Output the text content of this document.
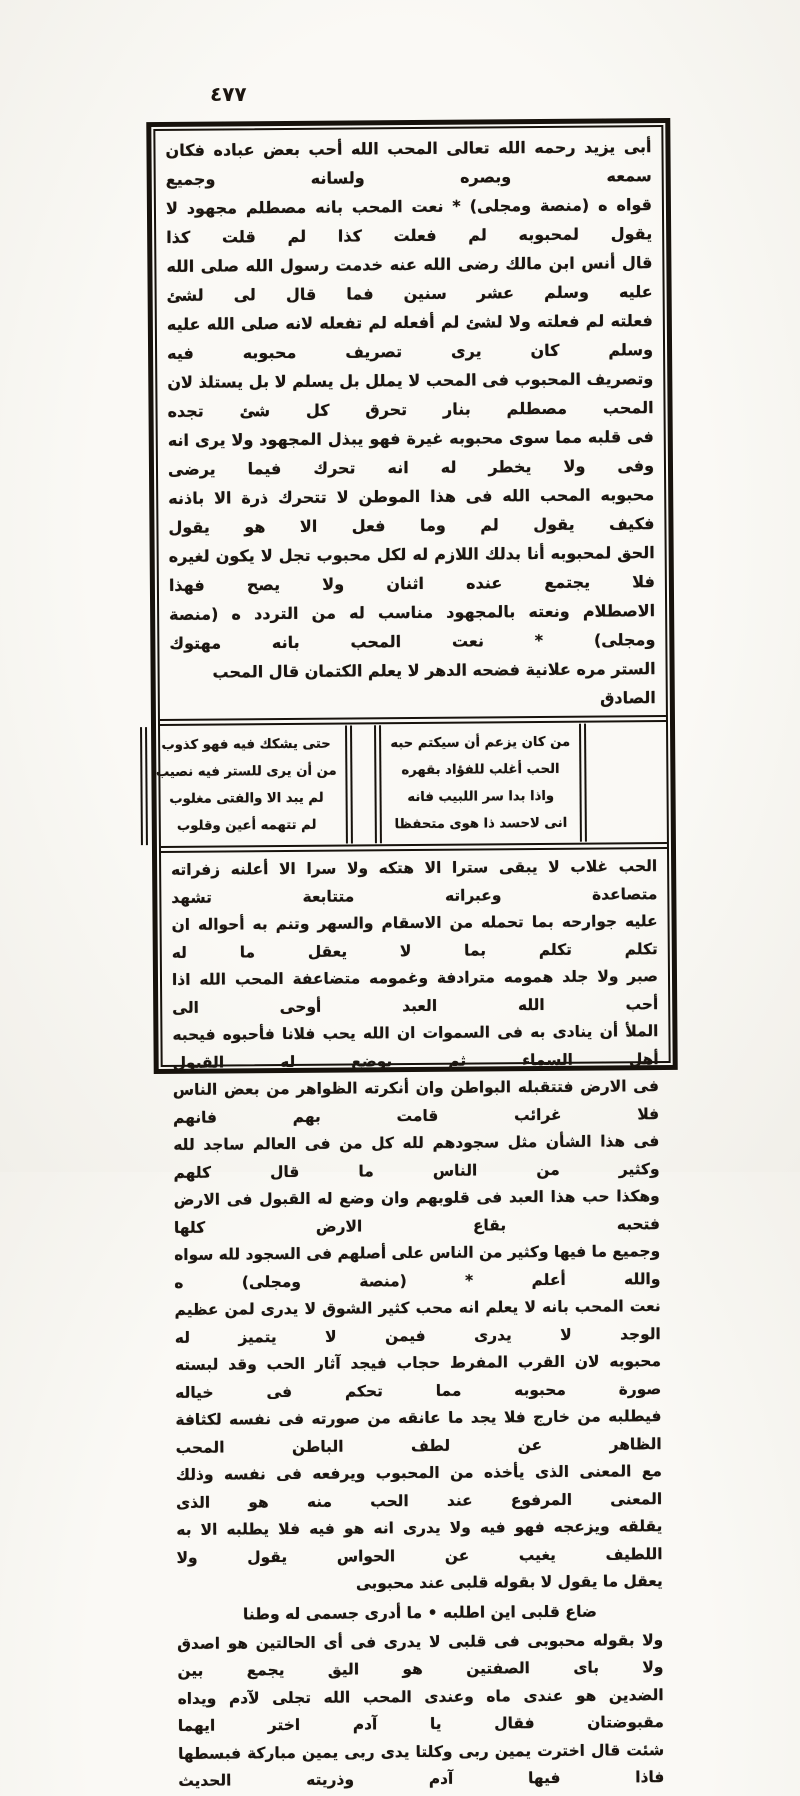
٤٧٧
أبى يزيد رحمه الله تعالى المحب الله أحب بعض عباده فكان سمعه وبصره ولسانه وجميع
قواه ه (منصة ومجلى) * نعت المحب بانه مصطلم مجهود لا يقول لمحبوبه لم فعلت كذا لم قلت كذا
قال أنس ابن مالك رضى الله عنه خدمت رسول الله صلى الله عليه وسلم عشر سنين فما قال لى لشئ
فعلته لم فعلته ولا لشئ لم أفعله لم تفعله لانه صلى الله عليه وسلم كان يرى تصريف محبوبه فيه
وتصريف المحبوب فى المحب لا يملل بل يسلم لا بل يستلذ لان المحب مصطلم بنار تحرق كل شئ تجده
فى قلبه مما سوى محبوبه غيرة فهو يبذل المجهود ولا يرى انه وفى ولا يخطر له انه تحرك فيما يرضى
محبوبه المحب الله فى هذا الموطن لا تتحرك ذرة الا باذنه فكيف يقول لم وما فعل الا هو يقول
الحق لمحبوبه أنا بدلك اللازم له لكل محبوب تجل لا يكون لغيره فلا يجتمع عنده اثنان ولا يصح فهذا
الاصطلام ونعته بالمجهود مناسب له من التردد ه (منصة ومجلى) * نعت المحب بانه مهتوك
الستر مره علانية فضحه الدهر لا يعلم الكتمان قال المحب الصادق
من كان يزعم أن سيكتم حبه
الحب أغلب للفؤاد بقهره
واذا بدا سر اللبيب فانه
انى لاحسد ذا هوى متحفظا
حتى يشكك فيه فهو كذوب
من أن يرى للستر فيه نصيب
لم يبد الا والفتى مغلوب
لم تتهمه أعين وقلوب
الحب غلاب لا يبقى سترا الا هتكه ولا سرا الا أعلنه زفراته متصاعدة وعبراته متتابعة تشهد
عليه جوارحه بما تحمله من الاسقام والسهر وتنم به أحواله ان تكلم تكلم بما لا يعقل ما له
صبر ولا جلد همومه مترادفة وغمومه متضاعفة المحب الله اذا أحب الله العبد أوحى الى
الملأ أن ينادى به فى السموات ان الله يحب فلانا فأحبوه فيحبه أهل السماء ثم يوضع له القبول
فى الارض فتتقبله البواطن وان أنكرته الظواهر من بعض الناس فلا غرائب قامت بهم فانهم
فى هذا الشأن مثل سجودهم لله كل من فى العالم ساجد لله وكثير من الناس ما قال كلهم
وهكذا حب هذا العبد فى قلوبهم وان وضع له القبول فى الارض فتحبه بقاع الارض كلها
وجميع ما فيها وكثير من الناس على أصلهم فى السجود لله سواه والله أعلم * (منصة ومجلى) ه
نعت المحب بانه لا يعلم انه محب كثير الشوق لا يدرى لمن عظيم الوجد لا يدرى فيمن لا يتميز له
محبوبه لان القرب المفرط حجاب فيجد آثار الحب وقد لبسته صورة محبوبه مما تحكم فى خياله
فيطلبه من خارج فلا يجد ما عانقه من صورته فى نفسه لكثافة الظاهر عن لطف الباطن المحب
مع المعنى الذى يأخذه من المحبوب ويرفعه فى نفسه وذلك المعنى المرفوع عند الحب منه هو الذى
يقلقه ويزعجه فهو فيه ولا يدرى انه هو فيه فلا يطلبه الا به اللطيف يغيب عن الحواس يقول ولا
يعقل ما يقول لا بقوله قلبى عند محبوبى
ضاع قلبى اين اطلبه • ما أدرى جسمى له وطنا
ولا بقوله محبوبى فى قلبى لا يدرى فى أى الحالتين هو اصدق ولا باى الصفتين هو اليق يجمع بين
الضدين هو عندى ماه وعندى المحب الله تجلى لآدم ويداه مقبوضتان فقال يا آدم اختر ايهما
شئت قال اخترت يمين ربى وكلتا يدى ربى يمين مباركة فبسطها فاذا فيها آدم وذريته الحديث
